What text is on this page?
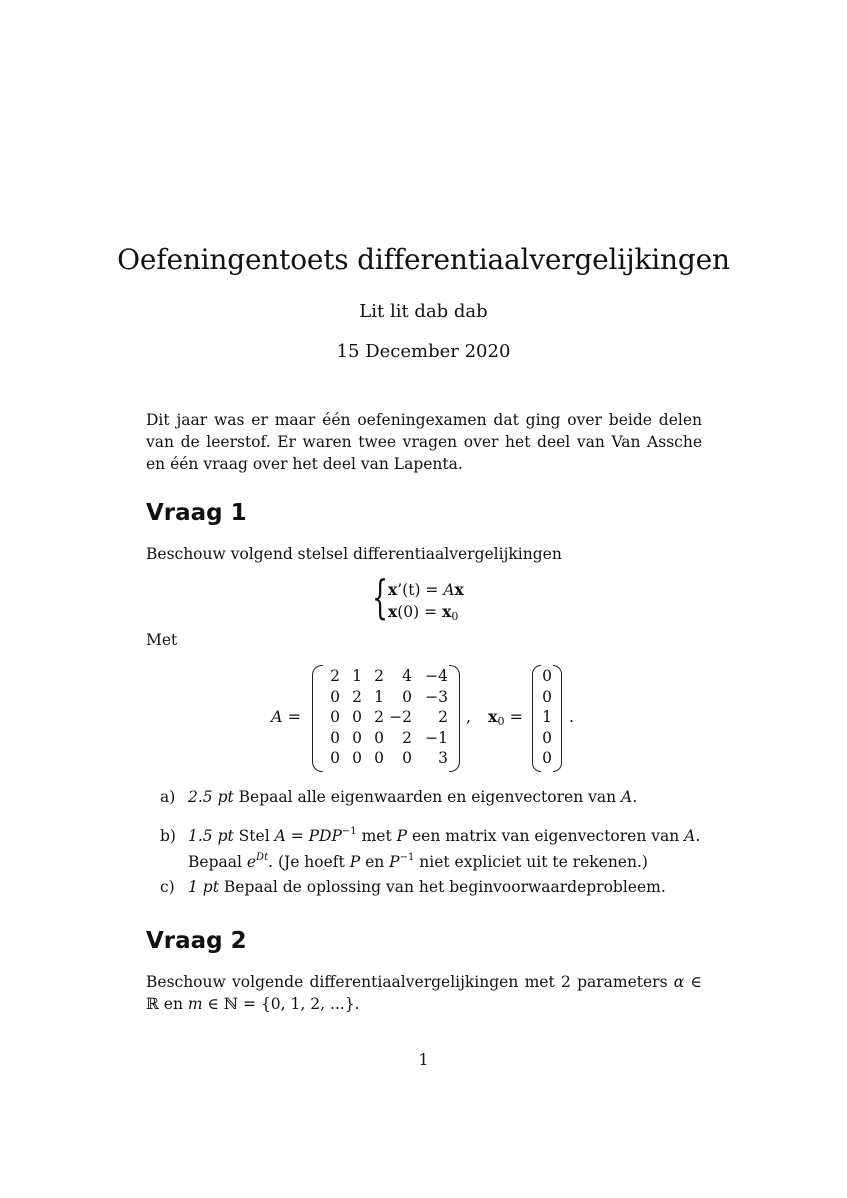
Oefeningentoets differentiaalvergelijkingen
Lit lit dab dab
15 December 2020
Dit jaar was er maar één oefeningexamen dat ging over beide delen van de leerstof. Er waren twee vragen over het deel van Van Assche en één vraag over het deel van Lapenta.
Vraag 1
Beschouw volgend stelsel differentiaalvergelijkingen
{ x’(t) = Ax
$x(0) = x_0$
Met
A =
2 1 2	4 −4
0 2 1	0 −3
0 0 2 −2	2
0 0 0	2 −1
0 0 0	0	3
, $x_0$ =
0
0
1
0
0
.
a) 2.5 pt Bepaal alle eigenwaarden en eigenvectoren van A.
b) 1.5 pt Stel $A = PDP^{-1}$ met P een matrix van eigenvectoren van A.
Bepaal $e^{Dt}$. (Je hoeft P en $P^{-1}$ niet expliciet uit te rekenen.)
c) 1 pt Bepaal de oplossing van het beginvoorwaardeprobleem.
Vraag 2
Beschouw volgende differentiaalvergelijkingen met 2 parameters α ∈ ℝ en m ∈ ℕ = {0, 1, 2, ...}.
1
